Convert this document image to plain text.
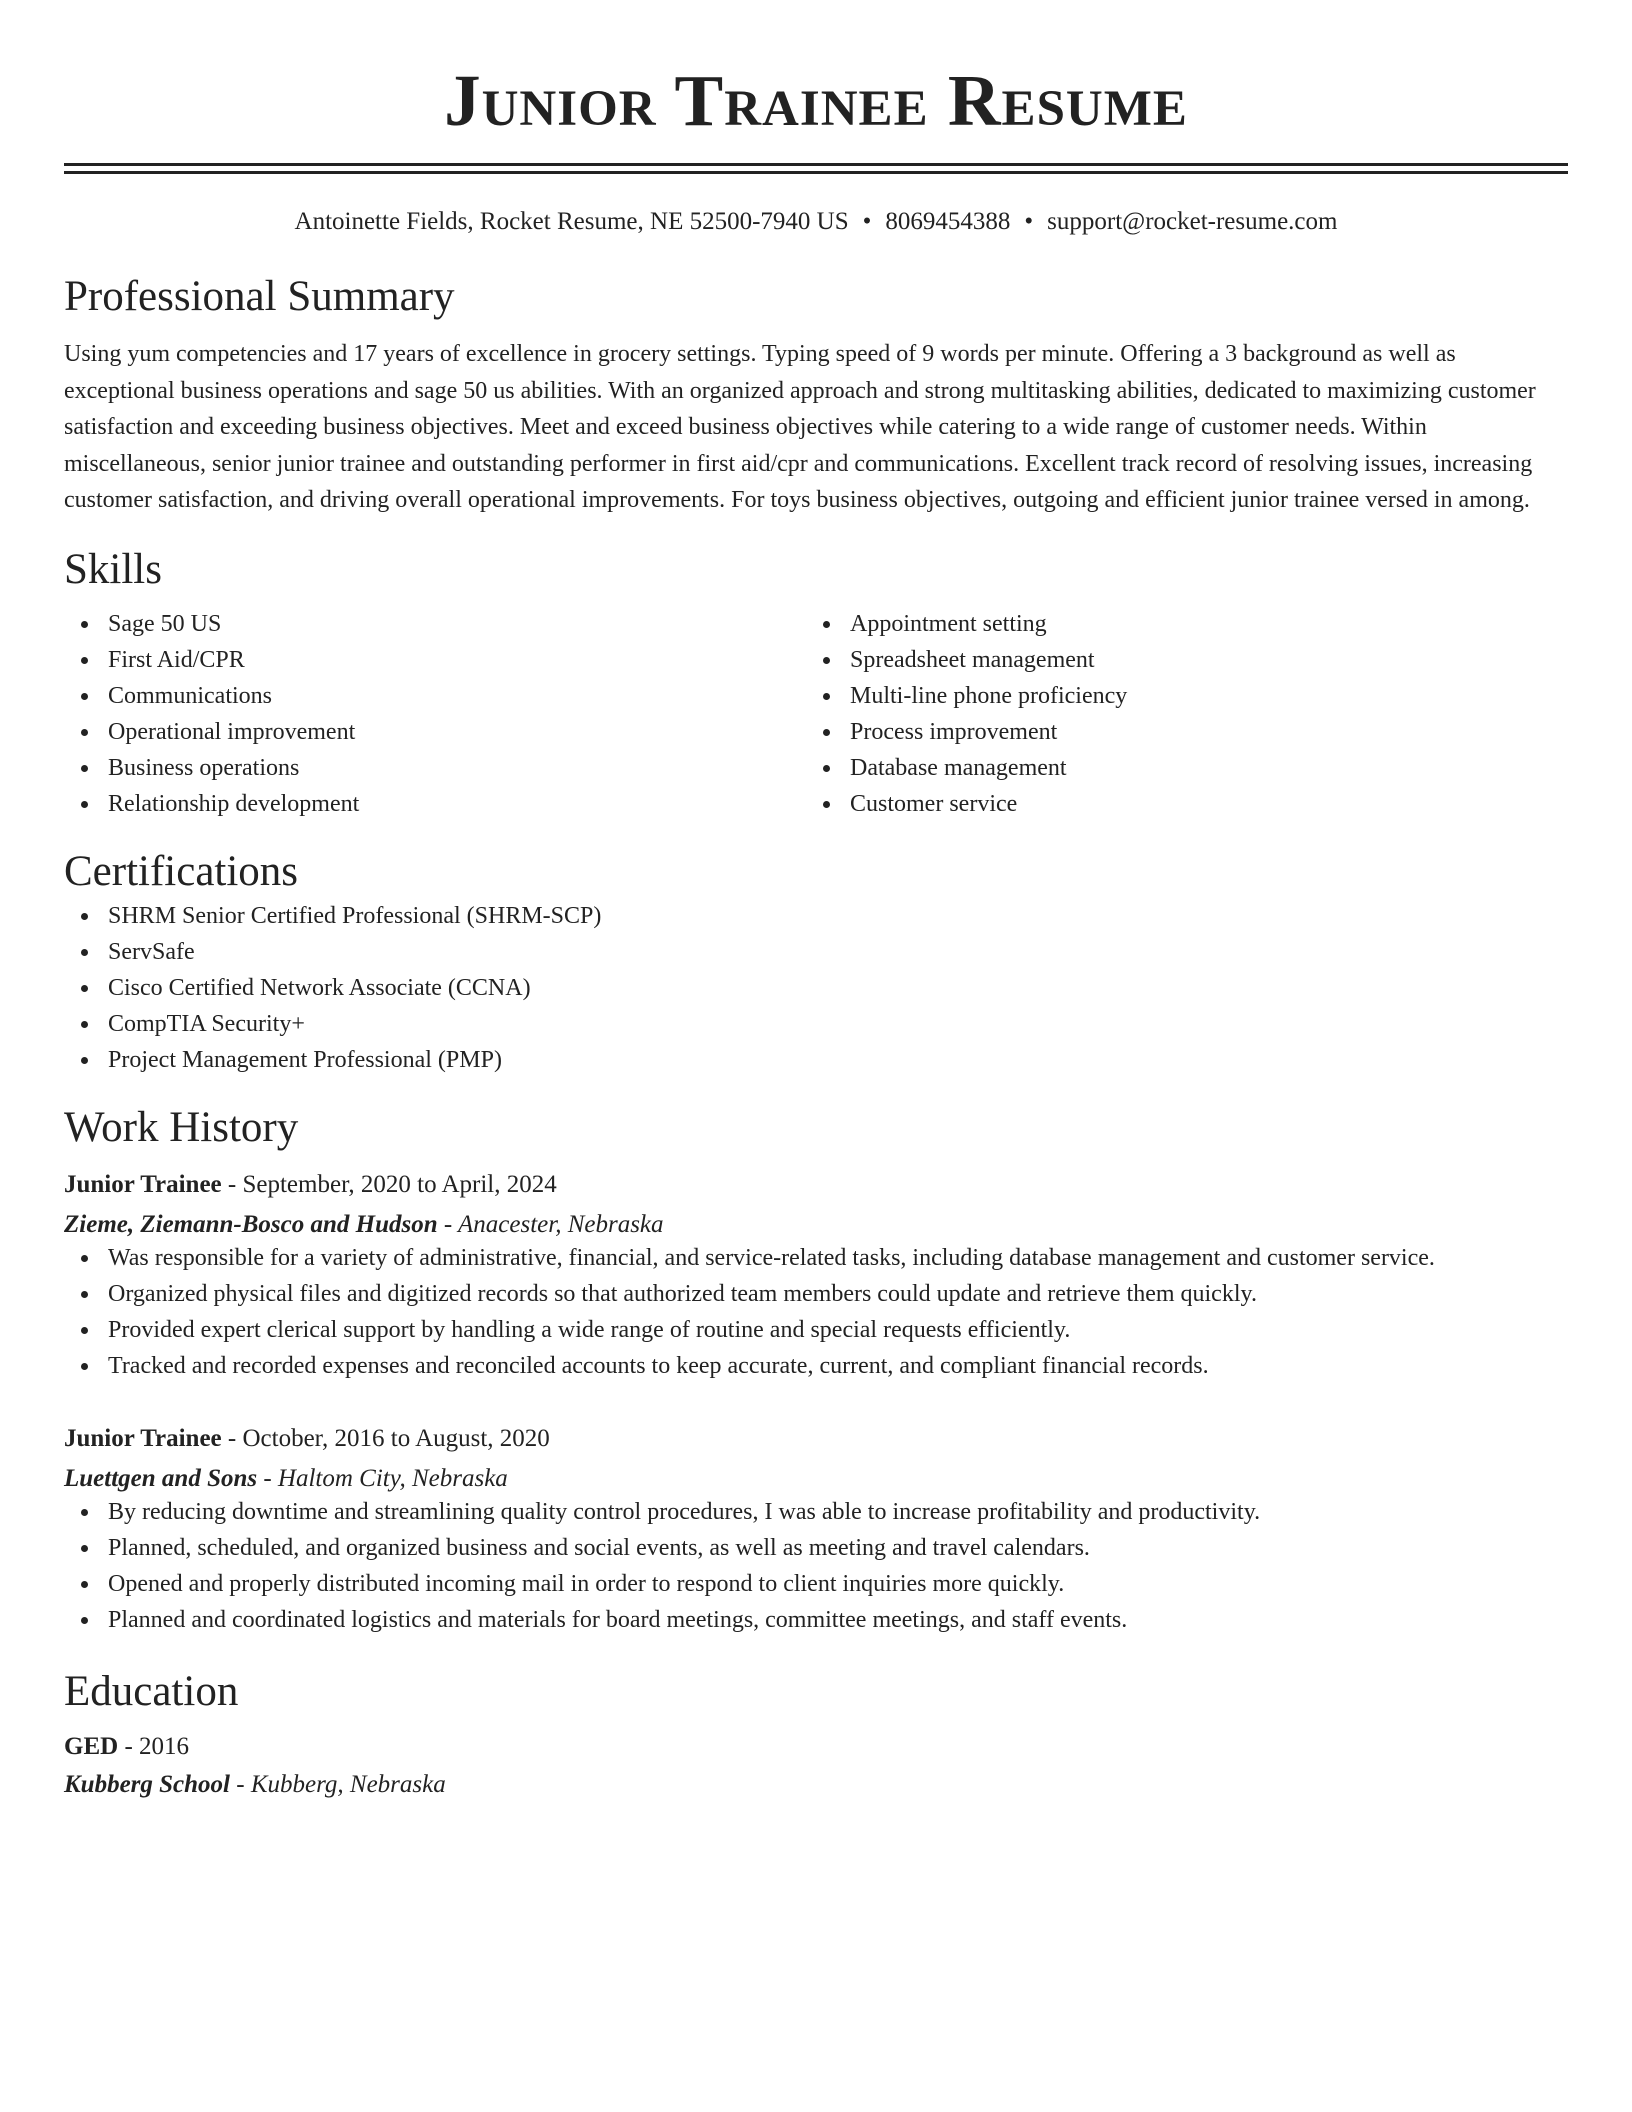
Junior Trainee Resume
Antoinette Fields, Rocket Resume, NE 52500-7940 US • 8069454388 • support@rocket-resume.com
Professional Summary
Using yum competencies and 17 years of excellence in grocery settings. Typing speed of 9 words per minute. Offering a 3 background as well as exceptional business operations and sage 50 us abilities. With an organized approach and strong multitasking abilities, dedicated to maximizing customer satisfaction and exceeding business objectives. Meet and exceed business objectives while catering to a wide range of customer needs. Within miscellaneous, senior junior trainee and outstanding performer in first aid/cpr and communications. Excellent track record of resolving issues, increasing customer satisfaction, and driving overall operational improvements. For toys business objectives, outgoing and efficient junior trainee versed in among.
Skills
Sage 50 US
First Aid/CPR
Communications
Operational improvement
Business operations
Relationship development
Appointment setting
Spreadsheet management
Multi-line phone proficiency
Process improvement
Database management
Customer service
Certifications
SHRM Senior Certified Professional (SHRM-SCP)
ServSafe
Cisco Certified Network Associate (CCNA)
CompTIA Security+
Project Management Professional (PMP)
Work History
Junior Trainee - September, 2020 to April, 2024
Zieme, Ziemann-Bosco and Hudson - Anacester, Nebraska
Was responsible for a variety of administrative, financial, and service-related tasks, including database management and customer service.
Organized physical files and digitized records so that authorized team members could update and retrieve them quickly.
Provided expert clerical support by handling a wide range of routine and special requests efficiently.
Tracked and recorded expenses and reconciled accounts to keep accurate, current, and compliant financial records.
Junior Trainee - October, 2016 to August, 2020
Luettgen and Sons - Haltom City, Nebraska
By reducing downtime and streamlining quality control procedures, I was able to increase profitability and productivity.
Planned, scheduled, and organized business and social events, as well as meeting and travel calendars.
Opened and properly distributed incoming mail in order to respond to client inquiries more quickly.
Planned and coordinated logistics and materials for board meetings, committee meetings, and staff events.
Education
GED - 2016
Kubberg School - Kubberg, Nebraska
